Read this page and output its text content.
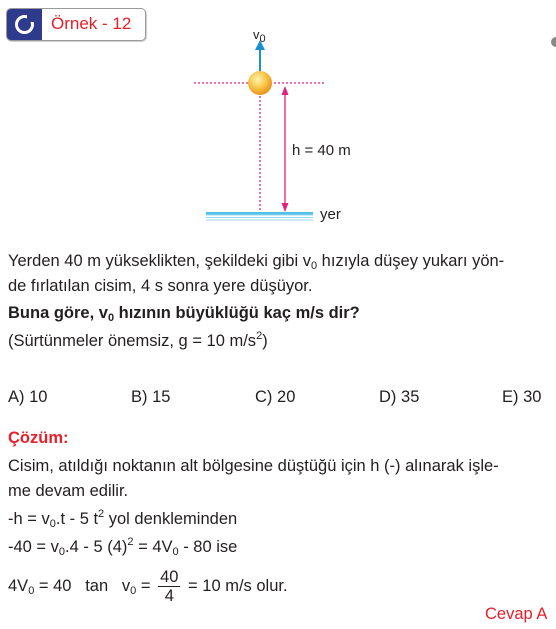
Örnek - 12
$v_0$
h = 40 m
yer
Yerden 40 m yükseklikten, şekildeki gibi $v_0$ hızıyla düşey yukarı yön-
de fırlatılan cisim, 4 s sonra yere düşüyor.
Buna göre, $v_0$ hızının büyüklüğü kaç m/s dir?
(Sürtünmeler önemsiz, g = 10 $m/s^2$)
A) 10	B) 15	C) 20	D) 35	E) 30
Çözüm:
Cisim, atıldığı noktanın alt bölgesine düştüğü için h (-) alınarak işle-
me devam edilir.
$-h = v_0.t - 5$ $t^2$ yol denkleminden
$-40 = v_0.4 - 5$ $(4)^2 = 4V_0 - 80$ ise
$4V_0 = 40$   $\tan v_0 = \frac{40}{4} = 10$ m/s olur.
Cevap A
